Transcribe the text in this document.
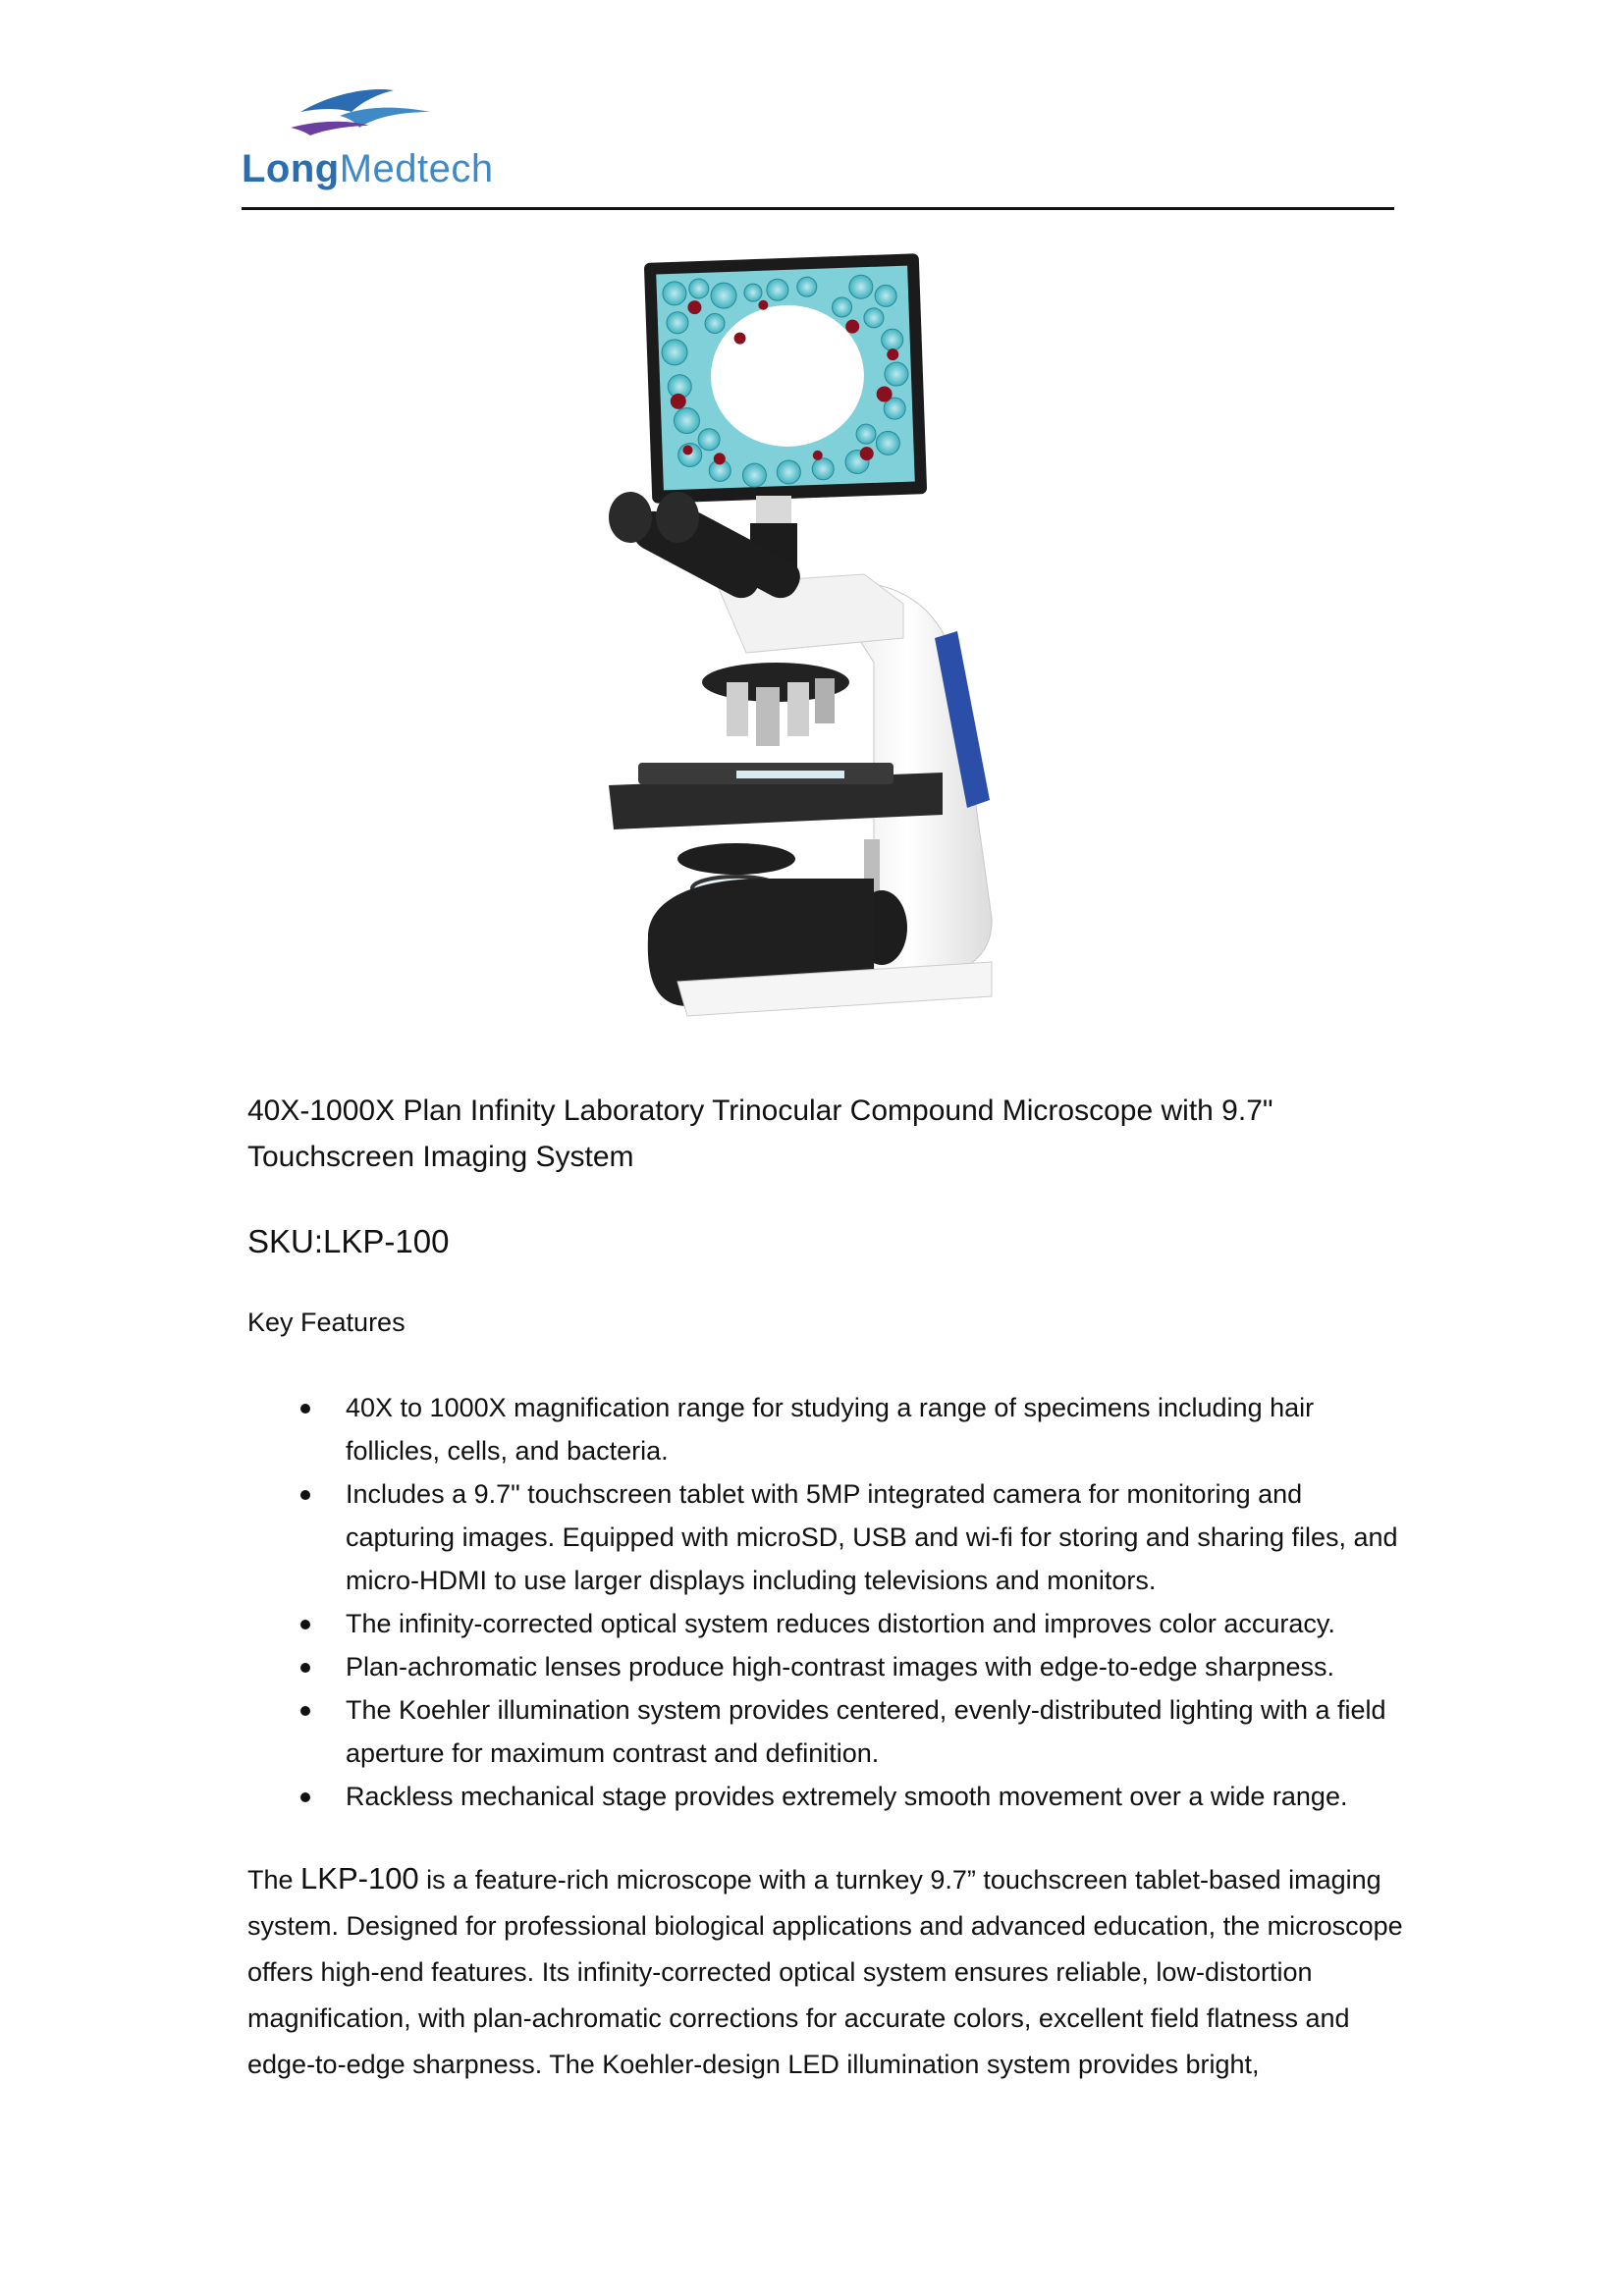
LongMedtech
40X-1000X Plan Infinity Laboratory Trinocular Compound Microscope with 9.7" Touchscreen Imaging System
SKU:LKP-100
Key Features
40X to 1000X magnification range for studying a range of specimens including hair follicles, cells, and bacteria.
Includes a 9.7" touchscreen tablet with 5MP integrated camera for monitoring and capturing images. Equipped with microSD, USB and wi-fi for storing and sharing files, and micro-HDMI to use larger displays including televisions and monitors.
The infinity-corrected optical system reduces distortion and improves color accuracy.
Plan-achromatic lenses produce high-contrast images with edge-to-edge sharpness.
The Koehler illumination system provides centered, evenly-distributed lighting with a field aperture for maximum contrast and definition.
Rackless mechanical stage provides extremely smooth movement over a wide range.
The LKP-100 is a feature-rich microscope with a turnkey 9.7” touchscreen tablet-based imaging system. Designed for professional biological applications and advanced education, the microscope offers high-end features. Its infinity-corrected optical system ensures reliable, low-distortion magnification, with plan-achromatic corrections for accurate colors, excellent field flatness and edge-to-edge sharpness. The Koehler-design LED illumination system provides bright,
